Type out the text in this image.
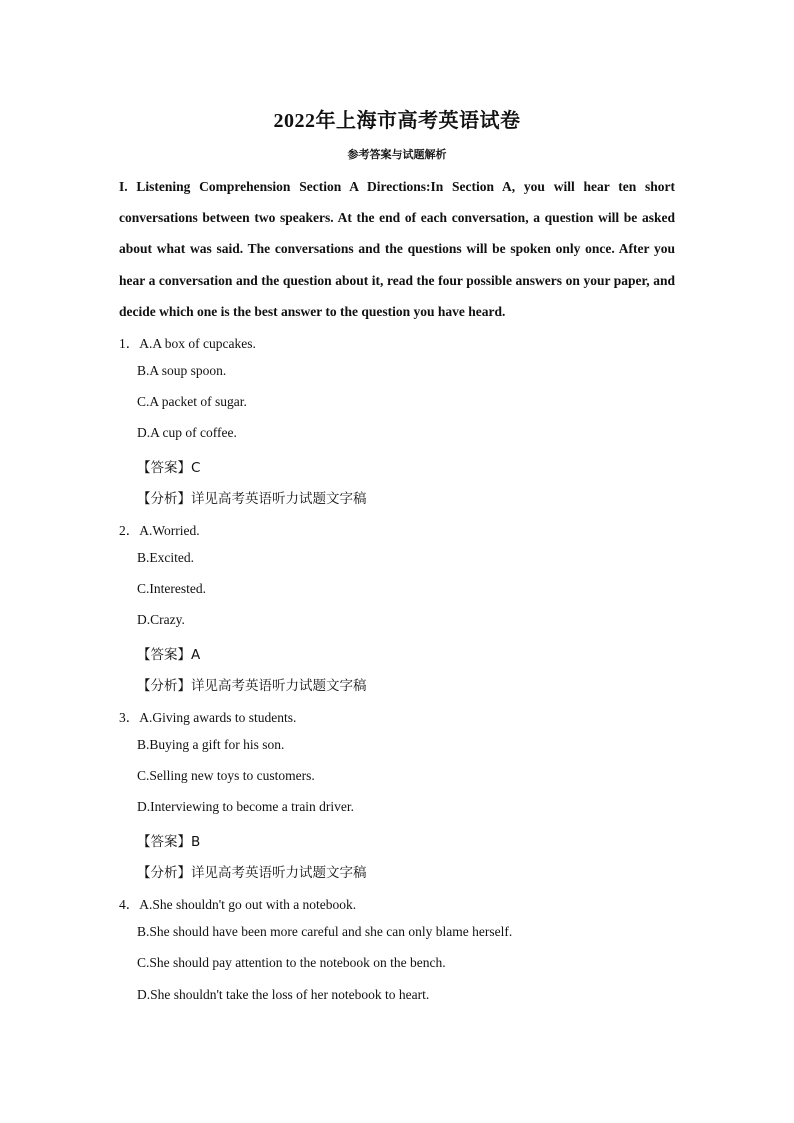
2022年上海市高考英语试卷
参考答案与试题解析
I. Listening Comprehension Section A Directions:In Section A, you will hear ten short conversations between two speakers. At the end of each conversation, a question will be asked about what was said. The conversations and the questions will be spoken only once. After you hear a conversation and the question about it, read the four possible answers on your paper, and decide which one is the best answer to the question you have heard.
1．A.A box of cupcakes.
B.A soup spoon.
C.A packet of sugar.
D.A cup of coffee.
【答案】C
【分析】详见高考英语听力试题文字稿
2．A.Worried.
B.Excited.
C.Interested.
D.Crazy.
【答案】A
【分析】详见高考英语听力试题文字稿
3．A.Giving awards to students.
B.Buying a gift for his son.
C.Selling new toys to customers.
D.Interviewing to become a train driver.
【答案】B
【分析】详见高考英语听力试题文字稿
4．A.She shouldn't go out with a notebook.
B.She should have been more careful and she can only blame herself.
C.She should pay attention to the notebook on the bench.
D.She shouldn't take the loss of her notebook to heart.
